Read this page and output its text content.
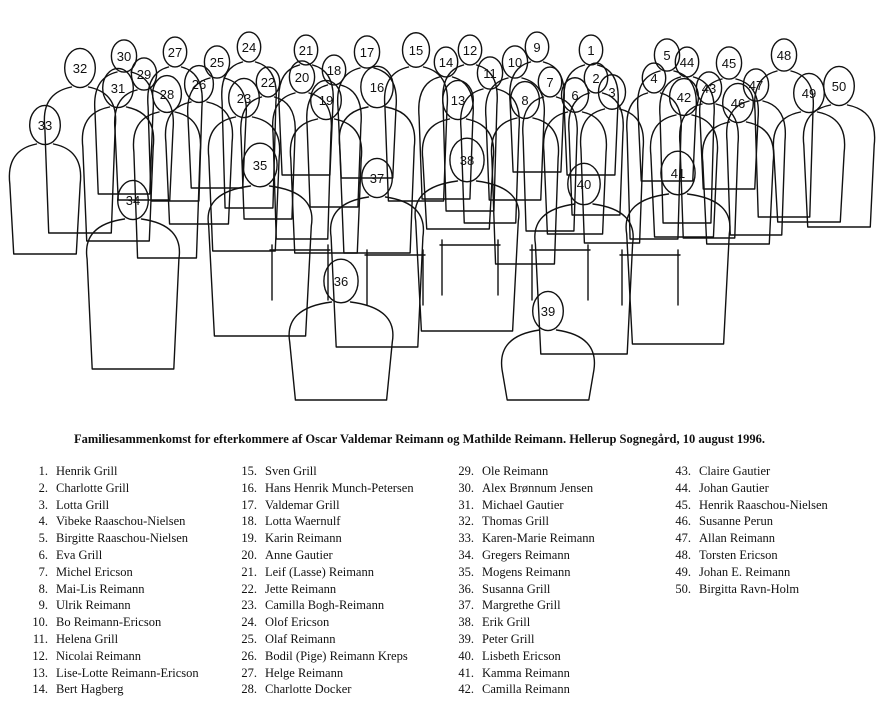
1
2
3
4
5
6
7
8
9
10
11
12
13
14
15
16
17
18
19
20
21
22
23
24
25
26
27
28
29
30
31
32
33
34
35
36
37
38
39
40
41
42
43
44 45
46
47
48
49 50
Familiesammenkomst for efterkommere af Oscar Valdemar Reimann og Mathilde Reimann. Hellerup Sognegård, 10 august 1996.
1. Henrik Grill
2. Charlotte Grill
3. Lotta Grill
4. Vibeke Raaschou-Nielsen
5. Birgitte Raaschou-Nielsen
6. Eva Grill
7. Michel Ericson
8. Mai-Lis Reimann
9. Ulrik Reimann
10. Bo Reimann-Ericson
11. Helena Grill
12. Nicolai Reimann
13. Lise-Lotte Reimann-Ericson
14. Bert Hagberg
15. Sven Grill
16. Hans Henrik Munch-Petersen
17. Valdemar Grill
18. Lotta Waernulf
19. Karin Reimann
20. Anne Gautier
21. Leif (Lasse) Reimann
22. Jette Reimann
23. Camilla Bogh-Reimann
24. Olof Ericson
25. Olaf Reimann
26. Bodil (Pige) Reimann Kreps
27. Helge Reimann
28. Charlotte Docker
29. Ole Reimann
30. Alex Brønnum Jensen
31. Michael Gautier
32. Thomas Grill
33. Karen-Marie Reimann
34. Gregers Reimann
35. Mogens Reimann
36. Susanna Grill
37. Margrethe Grill
38. Erik Grill
39. Peter Grill
40. Lisbeth Ericson
41. Kamma Reimann
42. Camilla Reimann
43. Claire Gautier
44. Johan Gautier
45. Henrik Raaschou-Nielsen
46. Susanne Perun
47. Allan Reimann
48. Torsten Ericson
49. Johan E. Reimann
50. Birgitta Ravn-Holm
